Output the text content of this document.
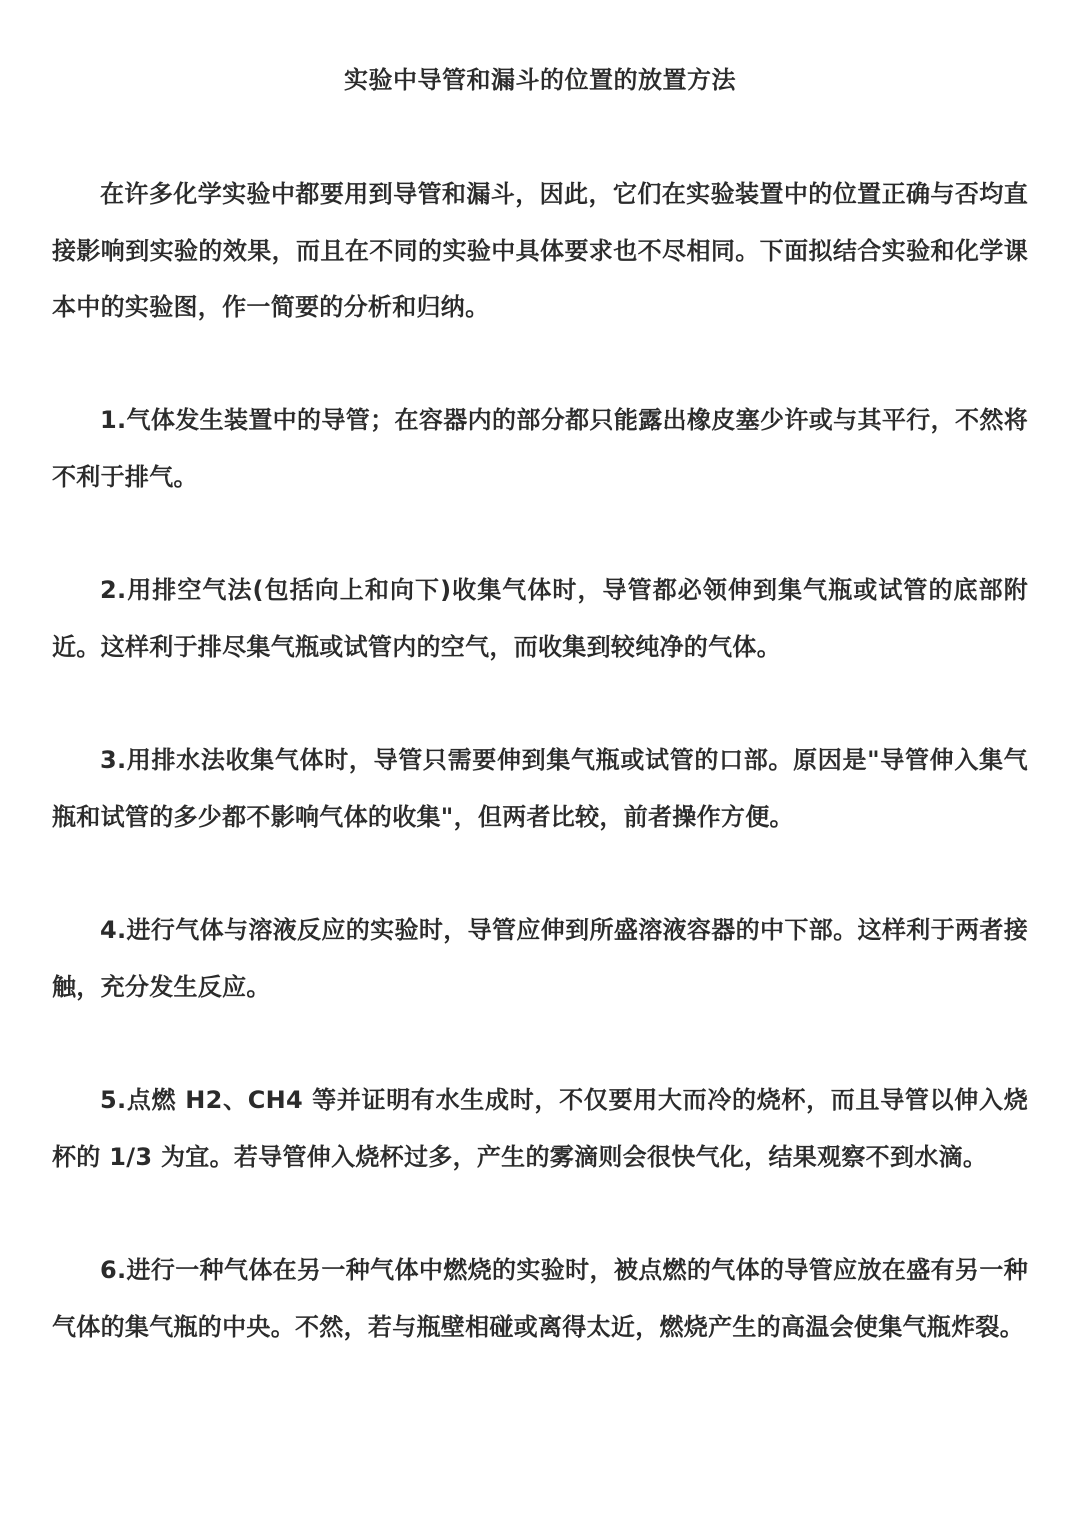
实验中导管和漏斗的位置的放置方法

在许多化学实验中都要用到导管和漏斗，因此，它们在实验装置中的位置正确与否均直接影响到实验的效果，而且在不同的实验中具体要求也不尽相同。下面拟结合实验和化学课本中的实验图，作一简要的分析和归纳。

1.气体发生装置中的导管；在容器内的部分都只能露出橡皮塞少许或与其平行，不然将不利于排气。

2.用排空气法(包括向上和向下)收集气体时，导管都必领伸到集气瓶或试管的底部附近。这样利于排尽集气瓶或试管内的空气，而收集到较纯净的气体。

3.用排水法收集气体时，导管只需要伸到集气瓶或试管的口部。原因是"导管伸入集气瓶和试管的多少都不影响气体的收集"，但两者比较，前者操作方便。

4.进行气体与溶液反应的实验时，导管应伸到所盛溶液容器的中下部。这样利于两者接触，充分发生反应。

5.点燃 H2、CH4 等并证明有水生成时，不仅要用大而冷的烧杯，而且导管以伸入烧杯的 1/3 为宜。若导管伸入烧杯过多，产生的雾滴则会很快气化，结果观察不到水滴。

6.进行一种气体在另一种气体中燃烧的实验时，被点燃的气体的导管应放在盛有另一种气体的集气瓶的中央。不然，若与瓶壁相碰或离得太近，燃烧产生的高温会使集气瓶炸裂。
